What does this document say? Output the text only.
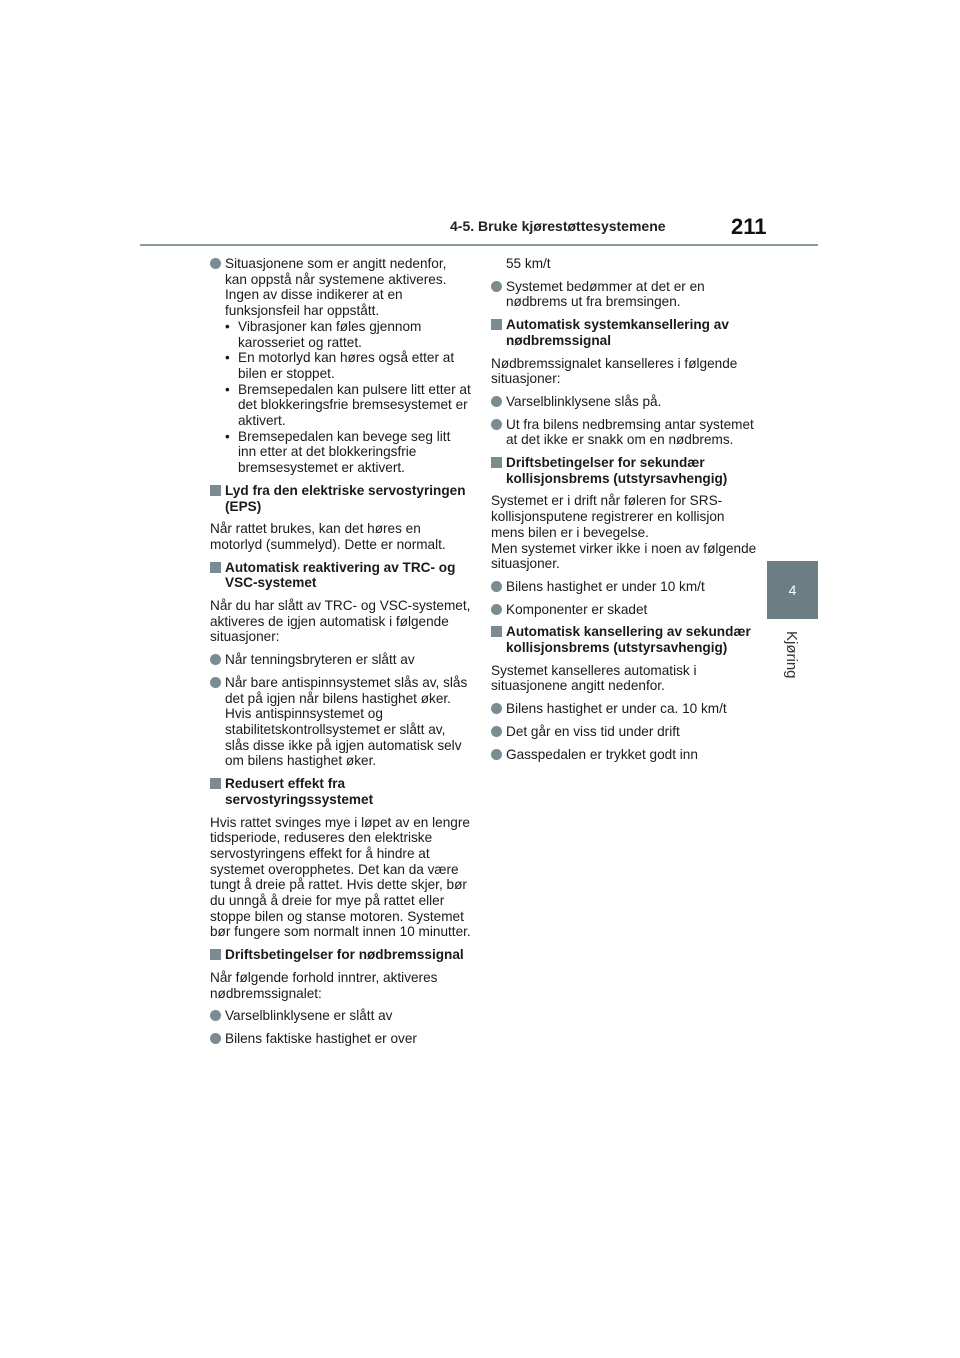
4-5. Bruke kjørestøttesystemene	211
4
Kjøring
Situasjonene som er angitt nedenfor, kan oppstå når systemene aktiveres. Ingen av disse indikerer at en funksjonsfeil har oppstått.

• Vibrasjoner kan føles gjennom karosseriet og rattet.

• En motorlyd kan høres også etter at bilen er stoppet.

• Bremsepedalen kan pulsere litt etter at det blokkeringsfrie bremsesystemet er aktivert.

• Bremsepedalen kan bevege seg litt inn etter at det blokkeringsfrie bremsesystemet er aktivert.

Lyd fra den elektriske servostyringen (EPS)
Når rattet brukes, kan det høres en motorlyd (summelyd). Dette er normalt.
Automatisk reaktivering av TRC- og VSC-systemet
Når du har slått av TRC- og VSC-systemet, aktiveres de igjen automatisk i følgende situasjoner:
Når tenningsbryteren er slått av
Når bare antispinnsystemet slås av, slås det på igjen når bilens hastighet øker.
Hvis antispinnsystemet og stabilitetskontrollsystemet er slått av, slås disse ikke på igjen automatisk selv om bilens hastighet øker.
Redusert effekt fra servostyringssystemet
Hvis rattet svinges mye i løpet av en lengre tidsperiode, reduseres den elektriske servostyringens effekt for å hindre at systemet overopphetes. Det kan da være tungt å dreie på rattet. Hvis dette skjer, bør du unngå å dreie for mye på rattet eller stoppe bilen og stanse motoren. Systemet bør fungere som normalt innen 10 minutter.
Driftsbetingelser for nødbremssignal
Når følgende forhold inntrer, aktiveres nødbremssignalet:
Varselblinklysene er slått av
Bilens faktiske hastighet er over
55 km/t
Systemet bedømmer at det er en nødbrems ut fra bremsingen.
Automatisk systemkansellering av nødbremssignal
Nødbremssignalet kanselleres i følgende situasjoner:
Varselblinklysene slås på.
Ut fra bilens nedbremsing antar systemet at det ikke er snakk om en nødbrems.
Driftsbetingelser for sekundær kollisjonsbrems (utstyrsavhengig)
Systemet er i drift når føleren for SRS-kollisjonsputene registrerer en kollisjon mens bilen er i bevegelse.
Men systemet virker ikke i noen av følgende situasjoner.
Bilens hastighet er under 10 km/t
Komponenter er skadet
Automatisk kansellering av sekundær kollisjonsbrems (utstyrsavhengig)
Systemet kanselleres automatisk i situasjonene angitt nedenfor.
Bilens hastighet er under ca. 10 km/t
Det går en viss tid under drift
Gasspedalen er trykket godt inn
